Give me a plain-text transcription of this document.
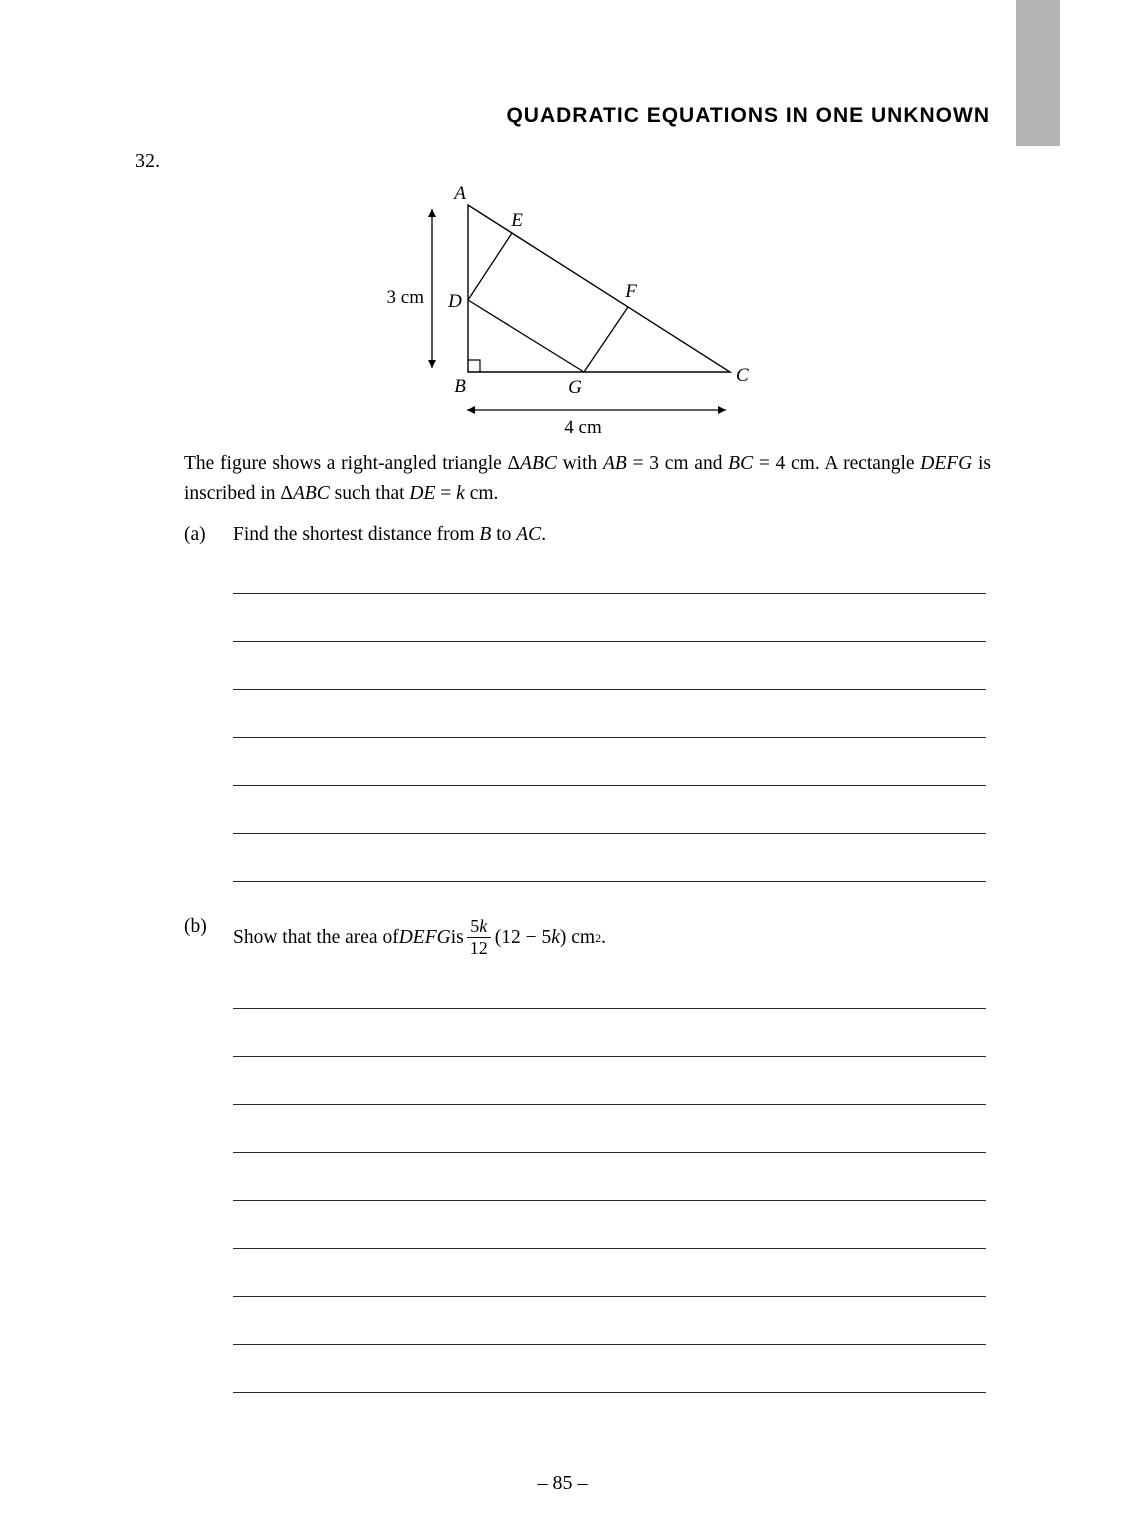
QUADRATIC EQUATIONS IN ONE UNKNOWN
32.
A
E
D	F
B	G
C
3 cm
4 cm
The figure shows a right-angled triangle ΔABC with AB = 3 cm and BC = 4 cm. A rectangle DEFG is inscribed in ΔABC such that DE = k cm.
(a)	Find the shortest distance from B to AC.
(b)	Show that the area of DEFG is $\frac{5k}{12} (12 - 5$ k ) cm 2 .
– 85 –
